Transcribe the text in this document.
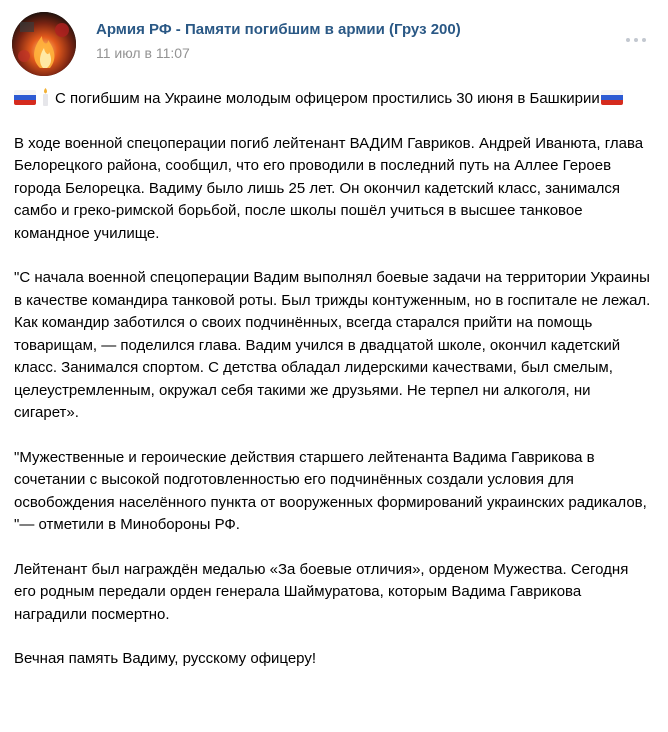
Армия РФ - Памяти погибшим в армии (Груз 200)
11 июл в 11:07

С погибшим на Украине молодым офицером простились 30 июня в Башкирии

В ходе военной спецоперации погиб лейтенант ВАДИМ Гавриков. Андрей Иванюта, глава Белорецкого района, сообщил, что его проводили в последний путь на Аллее Героев города Белорецка. Вадиму было лишь 25 лет. Он окончил кадетский класс, занимался самбо и греко-римской борьбой, после школы пошёл учиться в высшее танковое командное училище.

"С начала военной спецоперации Вадим выполнял боевые задачи на территории Украины в качестве командира танковой роты. Был трижды контуженным, но в госпитале не лежал. Как командир заботился о своих подчинённых, всегда старался прийти на помощь товарищам, — поделился глава. Вадим учился в двадцатой школе, окончил кадетский класс. Занимался спортом. С детства обладал лидерскими качествами, был смелым, целеустремленным, окружал себя такими же друзьями. Не терпел ни алкоголя, ни сигарет».

"Мужественные и героические действия старшего лейтенанта Вадима Гаврикова в сочетании с высокой подготовленностью его подчинённых создали условия для освобождения населённого пункта от вооруженных формирований украинских радикалов, "— отметили в Минобороны РФ.

Лейтенант был награждён медалью «За боевые отличия», орденом Мужества. Сегодня его родным передали орден генерала Шаймуратова, которым Вадима Гаврикова наградили посмертно.

Вечная память Вадиму, русскому офицеру!
